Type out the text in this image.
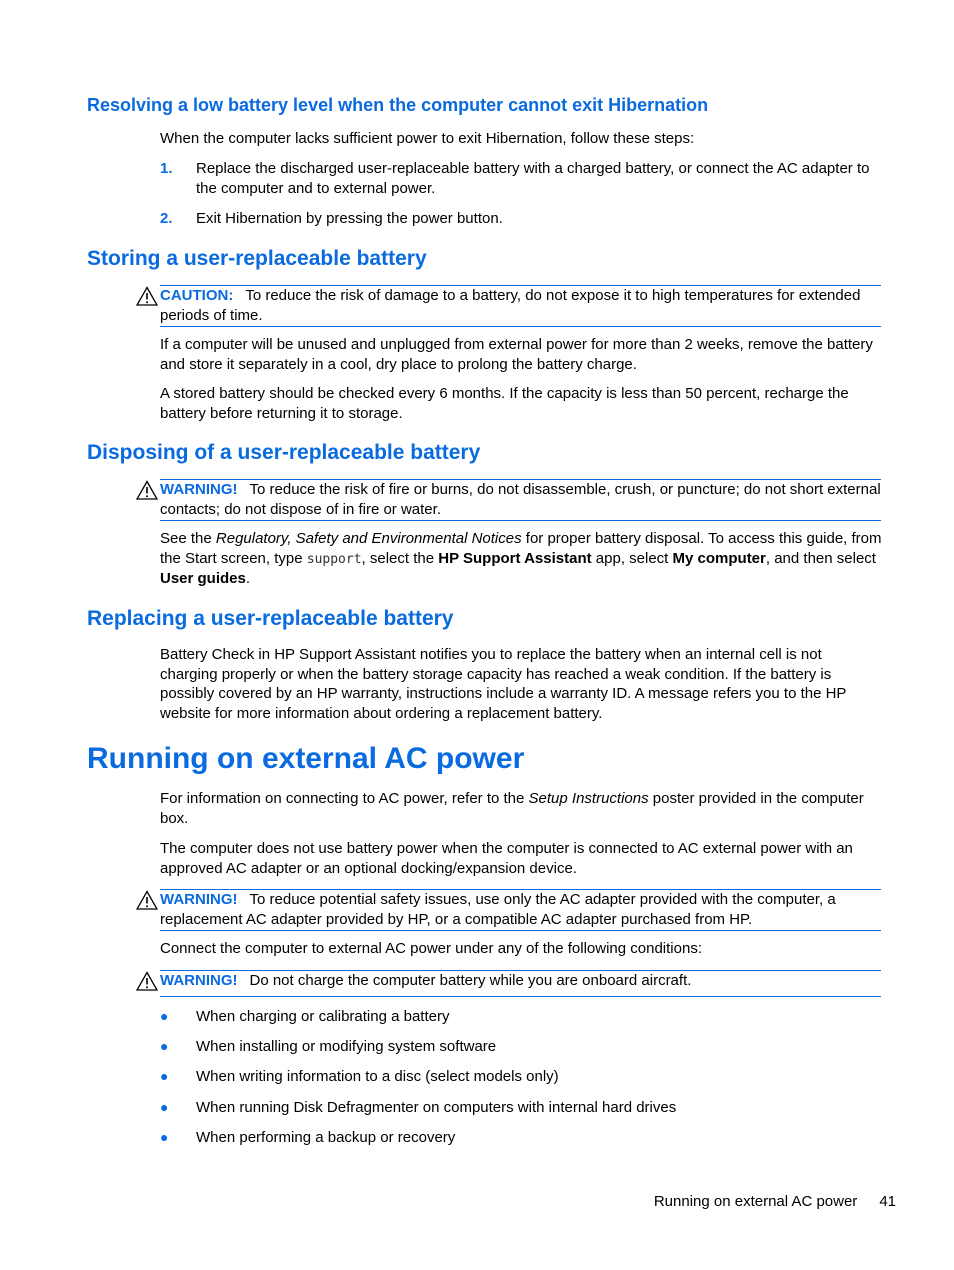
Resolving a low battery level when the computer cannot exit Hibernation

When the computer lacks sufficient power to exit Hibernation, follow these steps:

1. Replace the discharged user-replaceable battery with a charged battery, or connect the AC adapter to the computer and to external power.
2. Exit Hibernation by pressing the power button.
Storing a user-replaceable battery
CAUTION: To reduce the risk of damage to a battery, do not expose it to high temperatures for extended periods of time.

If a computer will be unused and unplugged from external power for more than 2 weeks, remove the battery and store it separately in a cool, dry place to prolong the battery charge.

A stored battery should be checked every 6 months. If the capacity is less than 50 percent, recharge the battery before returning it to storage.

Disposing of a user-replaceable battery
WARNING! To reduce the risk of fire or burns, do not disassemble, crush, or puncture; do not short external contacts; do not dispose of in fire or water.

See the Regulatory, Safety and Environmental Notices for proper battery disposal. To access this guide, from the Start screen, type support, select the HP Support Assistant app, select My computer, and then select User guides.

Replacing a user-replaceable battery

Battery Check in HP Support Assistant notifies you to replace the battery when an internal cell is not charging properly or when the battery storage capacity has reached a weak condition. If the battery is possibly covered by an HP warranty, instructions include a warranty ID. A message refers you to the HP website for more information about ordering a replacement battery.

Running on external AC power

For information on connecting to AC power, refer to the Setup Instructions poster provided in the computer box.

The computer does not use battery power when the computer is connected to AC external power with an approved AC adapter or an optional docking/expansion device.

WARNING! To reduce potential safety issues, use only the AC adapter provided with the computer, a replacement AC adapter provided by HP, or a compatible AC adapter purchased from HP.

Connect the computer to external AC power under any of the following conditions:

WARNING! Do not charge the computer battery while you are onboard aircraft.
● When charging or calibrating a battery
● When installing or modifying system software
● When writing information to a disc (select models only)
● When running Disk Defragmenter on computers with internal hard drives
● When performing a backup or recovery
Running on external AC power 41
